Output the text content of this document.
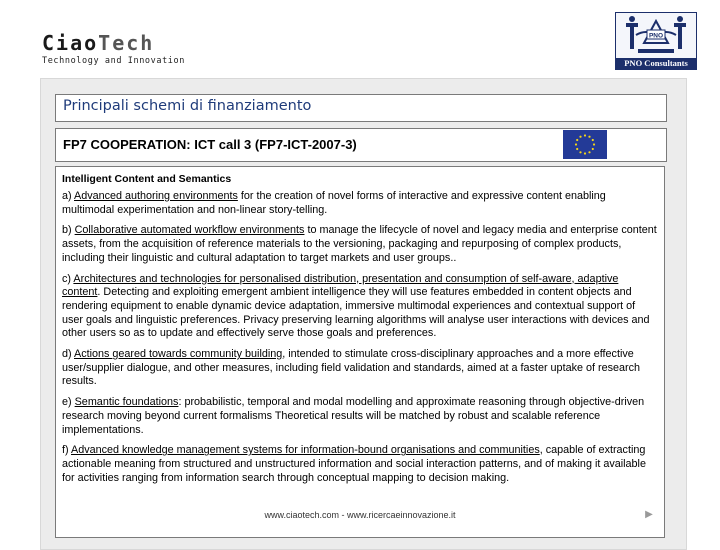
CiaoTech
Technology and Innovation
PNO
PNO Consultants
Principali schemi di finanziamento
FP7 COOPERATION: ICT call 3 (FP7-ICT-2007-3)

Intelligent Content and Semantics

a) Advanced authoring environments for the creation of novel forms of interactive and expressive content enabling multimodal experimentation and non-linear story-telling.

b) Collaborative automated workflow environments to manage the lifecycle of novel and legacy media and enterprise content assets, from the acquisition of reference materials to the versioning, packaging and repurposing of complex products, including their linguistic and cultural adaptation to target markets and user groups..

c) Architectures and technologies for personalised distribution, presentation and consumption of self-aware, adaptive content. Detecting and exploiting emergent ambient intelligence they will use features embedded in content objects and rendering equipment to enable dynamic device adaptation, immersive multimodal experiences and contextual support of user goals and linguistic preferences. Privacy preserving learning algorithms will analyse user interactions with devices and other users so as to update and effectively serve those goals and preferences.

d) Actions geared towards community building, intended to stimulate cross-disciplinary approaches and a more effective user/supplier dialogue, and other measures, including field validation and standards, aimed at a faster uptake of research results.

e) Semantic foundations: probabilistic, temporal and modal modelling and approximate reasoning through objective-driven research moving beyond current formalisms Theoretical results will be matched by robust and scalable reference implementations.

f) Advanced knowledge management systems for information-bound organisations and communities, capable of extracting actionable meaning from structured and unstructured information and social interaction patterns, and of making it available for activities ranging from information search through conceptual mapping to decision making.

www.ciaotech.com - www.ricercaeinnovazione.it	▶
